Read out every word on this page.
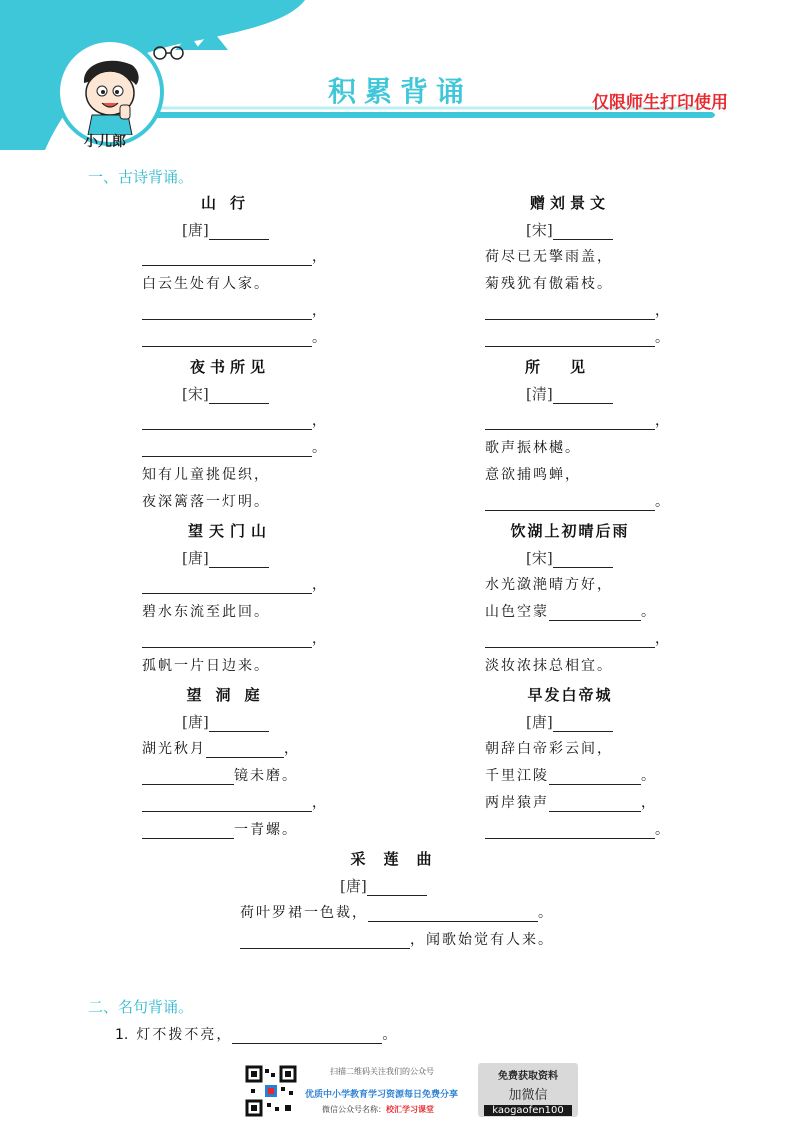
积累背诵	仅限师生打印使用
小儿郎
一、古诗背诵。
山行
[唐]
，
白云生处有人家。
，
。
赠刘景文
[宋]
荷尽已无擎雨盖，
菊残犹有傲霜枝。
，
。
夜书所见
[宋]
，
。
知有儿童挑促织，
夜深篱落一灯明。
所见
[清]
，
歌声振林樾。
意欲捕鸣蝉，
。
望天门山
[唐]
，
碧水东流至此回。
，
孤帆一片日边来。
饮湖上初晴后雨
[宋]
水光潋滟晴方好，
山色空蒙	。
，
淡妆浓抹总相宜。
望洞庭
[唐]
湖光秋月	，
镜未磨。
，
一青螺。
早发白帝城
[唐]
朝辞白帝彩云间，
千里江陵	。
两岸猿声	，
。
采莲曲
[唐]
荷叶罗裙一色裁，	。
，闻歌始觉有人来。
二、名句背诵。
1. 灯不拨不亮，	。
扫描二维码关注我们的公众号
优质中小学教育学习资源每日免费分享
微信公众号名称：校汇学习课堂
免费获取资料
加微信
kaogaofen100
